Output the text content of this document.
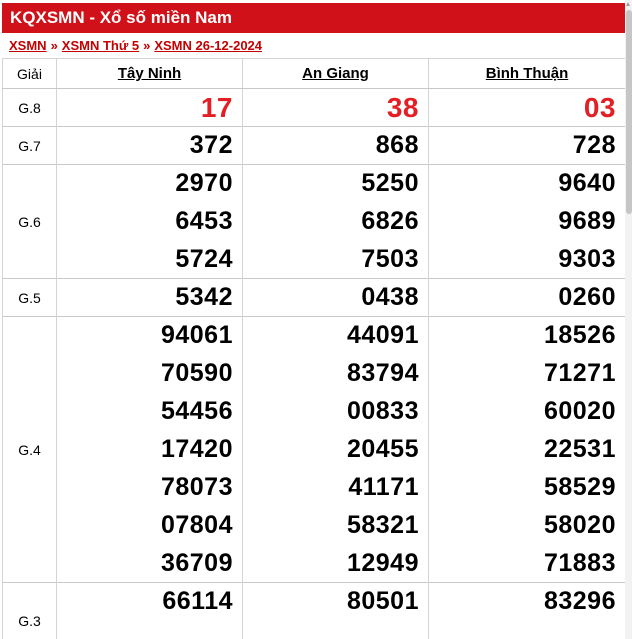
KQXSMN - Xổ số miền Nam
XSMN » XSMN Thứ 5 » XSMN 26-12-2024
Giải	Tây Ninh	An Giang	Bình Thuận
G.8	17	38	03
G.7	372	868	728
G.6	2970	5250	9640
	6453	6826	9689
	5724	7503	9303
G.5	5342	0438	0260
G.4	94061	44091	18526
	70590	83794	71271
	54456	00833	60020
	17420	20455	22531
	78073	41171	58529
	07804	58321	58020
	36709	12949	71883
G.3	66114	80501	83296
